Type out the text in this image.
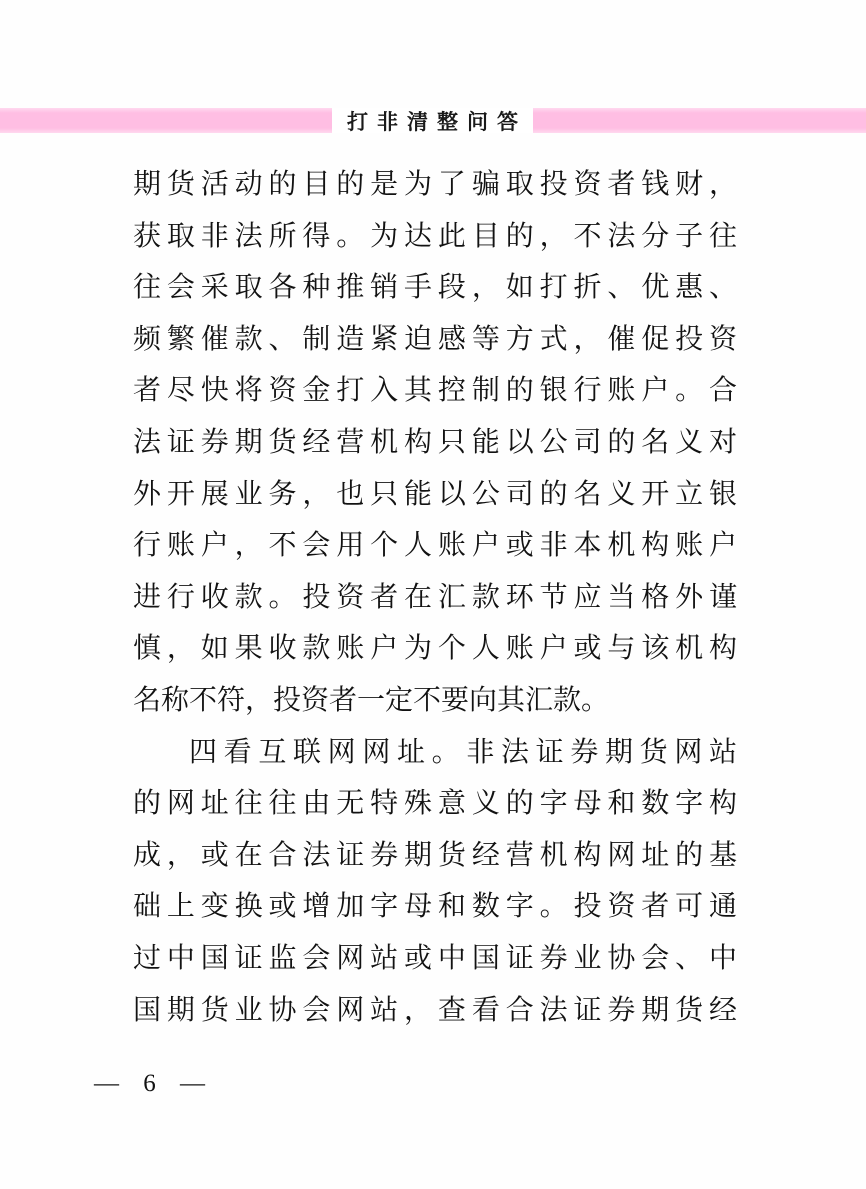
打非清整问答
期货活动的目的是为了骗取投资者钱财，
获取非法所得。为达此目的，不法分子往
往会采取各种推销手段，如打折、优惠、
频繁催款、制造紧迫感等方式，催促投资
者尽快将资金打入其控制的银行账户。合
法证券期货经营机构只能以公司的名义对
外开展业务，也只能以公司的名义开立银
行账户，不会用个人账户或非本机构账户
进行收款。投资者在汇款环节应当格外谨
慎，如果收款账户为个人账户或与该机构
名称不符，投资者一定不要向其汇款。
四看互联网网址。非法证券期货网站
的网址往往由无特殊意义的字母和数字构
成，或在合法证券期货经营机构网址的基
础上变换或增加字母和数字。投资者可通
过中国证监会网站或中国证券业协会、中
国期货业协会网站，查看合法证券期货经
— 6 —
